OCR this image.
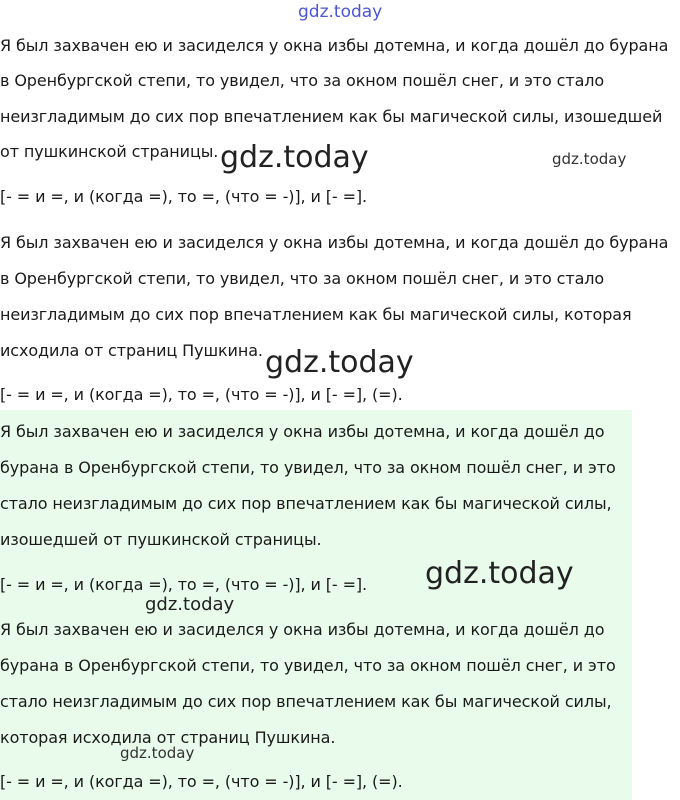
gdz.today
gdz.today	gdz.today
gdz.today
gdz.today
gdz.today
gdz.today
Я был захвачен ею и засиделся у окна избы дотемна, и когда дошёл до бурана
в Оренбургской степи, то увидел, что за окном пошёл снег, и это стало
неизгладимым до сих пор впечатлением как бы магической силы, изошедшей
от пушкинской страницы.
[- = и =, и (когда =), то =, (что = -)], и [- =].
Я был захвачен ею и засиделся у окна избы дотемна, и когда дошёл до бурана
в Оренбургской степи, то увидел, что за окном пошёл снег, и это стало
неизгладимым до сих пор впечатлением как бы магической силы, которая
исходила от страниц Пушкина.
[- = и =, и (когда =), то =, (что = -)], и [- =], (=).
Я был захвачен ею и засиделся у окна избы дотемна, и когда дошёл до
бурана в Оренбургской степи, то увидел, что за окном пошёл снег, и это
стало неизгладимым до сих пор впечатлением как бы магической силы,
изошедшей от пушкинской страницы.
[- = и =, и (когда =), то =, (что = -)], и [- =].
Я был захвачен ею и засиделся у окна избы дотемна, и когда дошёл до
бурана в Оренбургской степи, то увидел, что за окном пошёл снег, и это
стало неизгладимым до сих пор впечатлением как бы магической силы,
которая исходила от страниц Пушкина.
[- = и =, и (когда =), то =, (что = -)], и [- =], (=).
